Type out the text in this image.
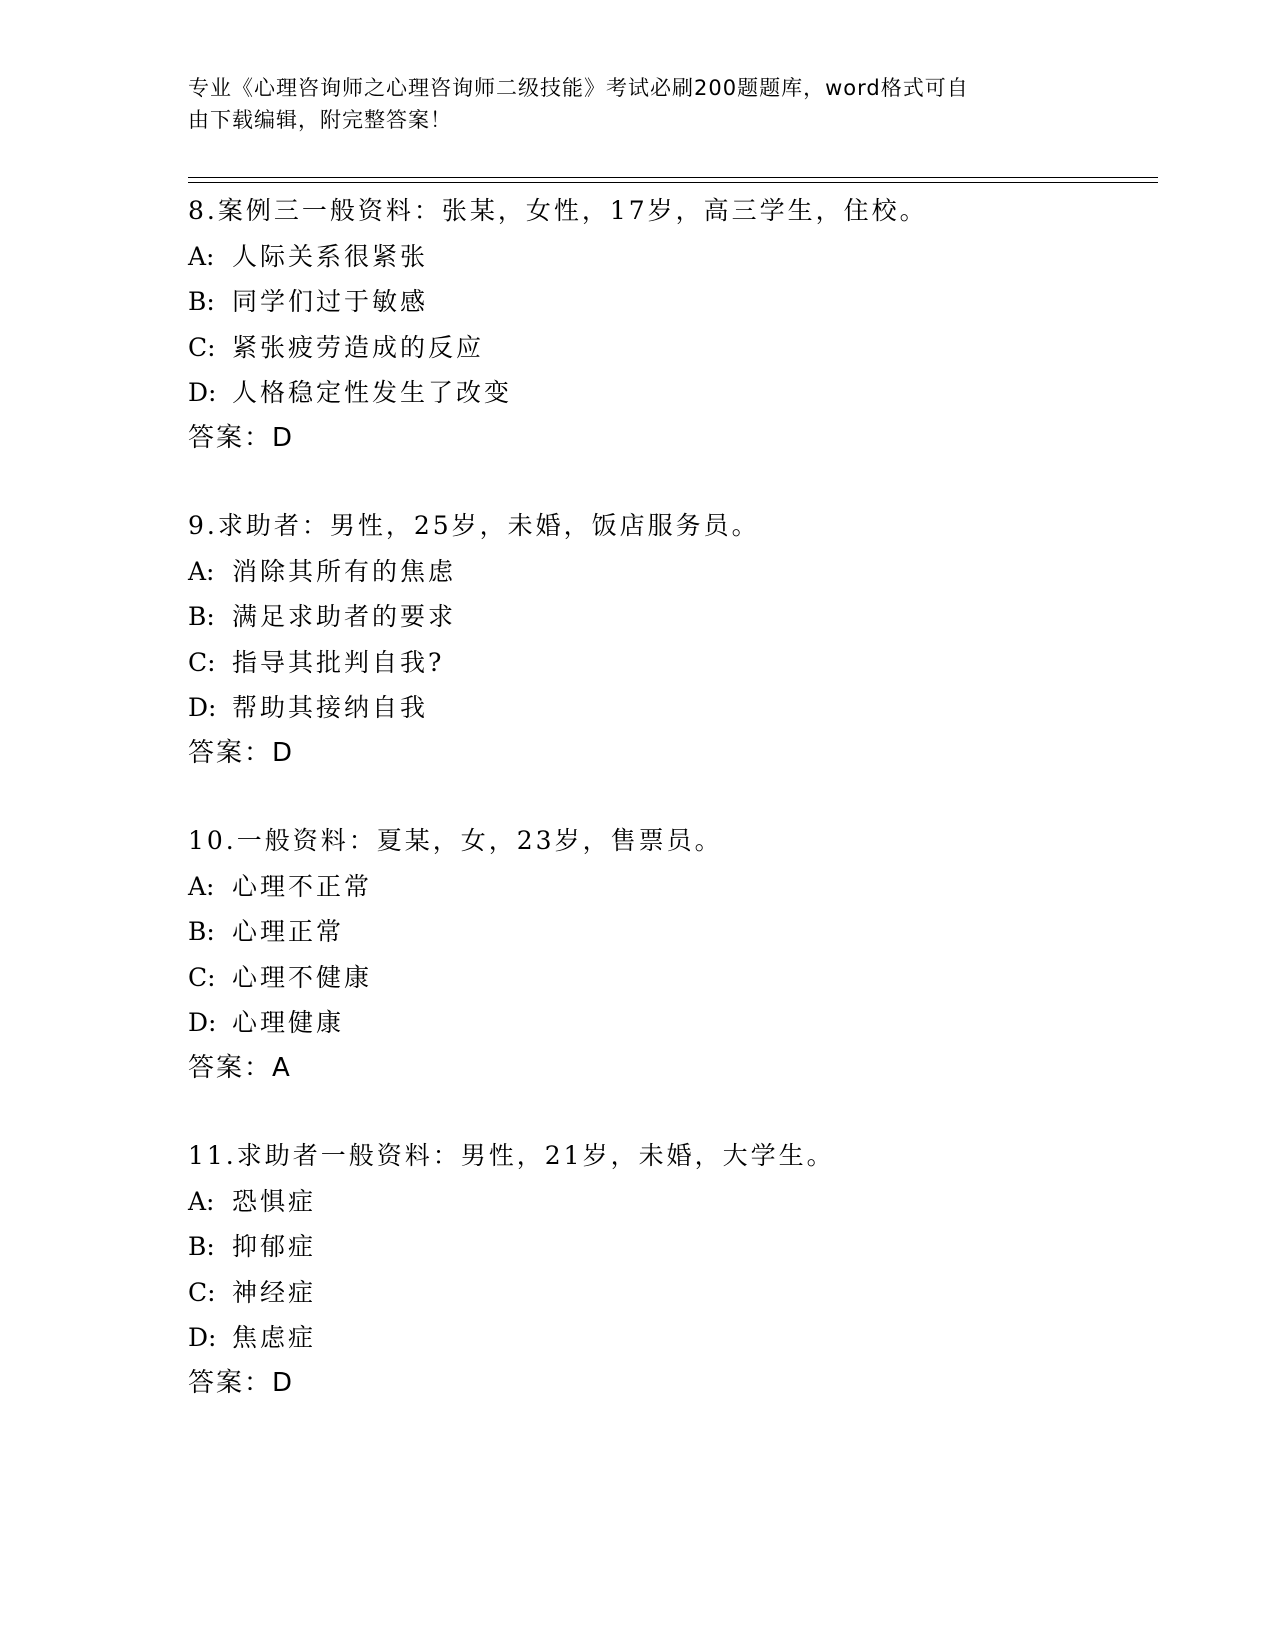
专业《心理咨询师之心理咨询师二级技能》考试必刷200题题库，word格式可自
由下载编辑，附完整答案！
8.案例三一般资料：张某，女性，17岁，高三学生，住校。
A: 人际关系很紧张
B: 同学们过于敏感
C: 紧张疲劳造成的反应
D: 人格稳定性发生了改变
答案：D
9.求助者：男性，25岁，未婚，饭店服务员。
A: 消除其所有的焦虑
B: 满足求助者的要求
C: 指导其批判自我?
D: 帮助其接纳自我
答案：D
10.一般资料：夏某，女，23岁，售票员。
A: 心理不正常
B: 心理正常
C: 心理不健康
D: 心理健康
答案：A
11.求助者一般资料：男性，21岁，未婚，大学生。
A: 恐惧症
B: 抑郁症
C: 神经症
D: 焦虑症
答案：D
